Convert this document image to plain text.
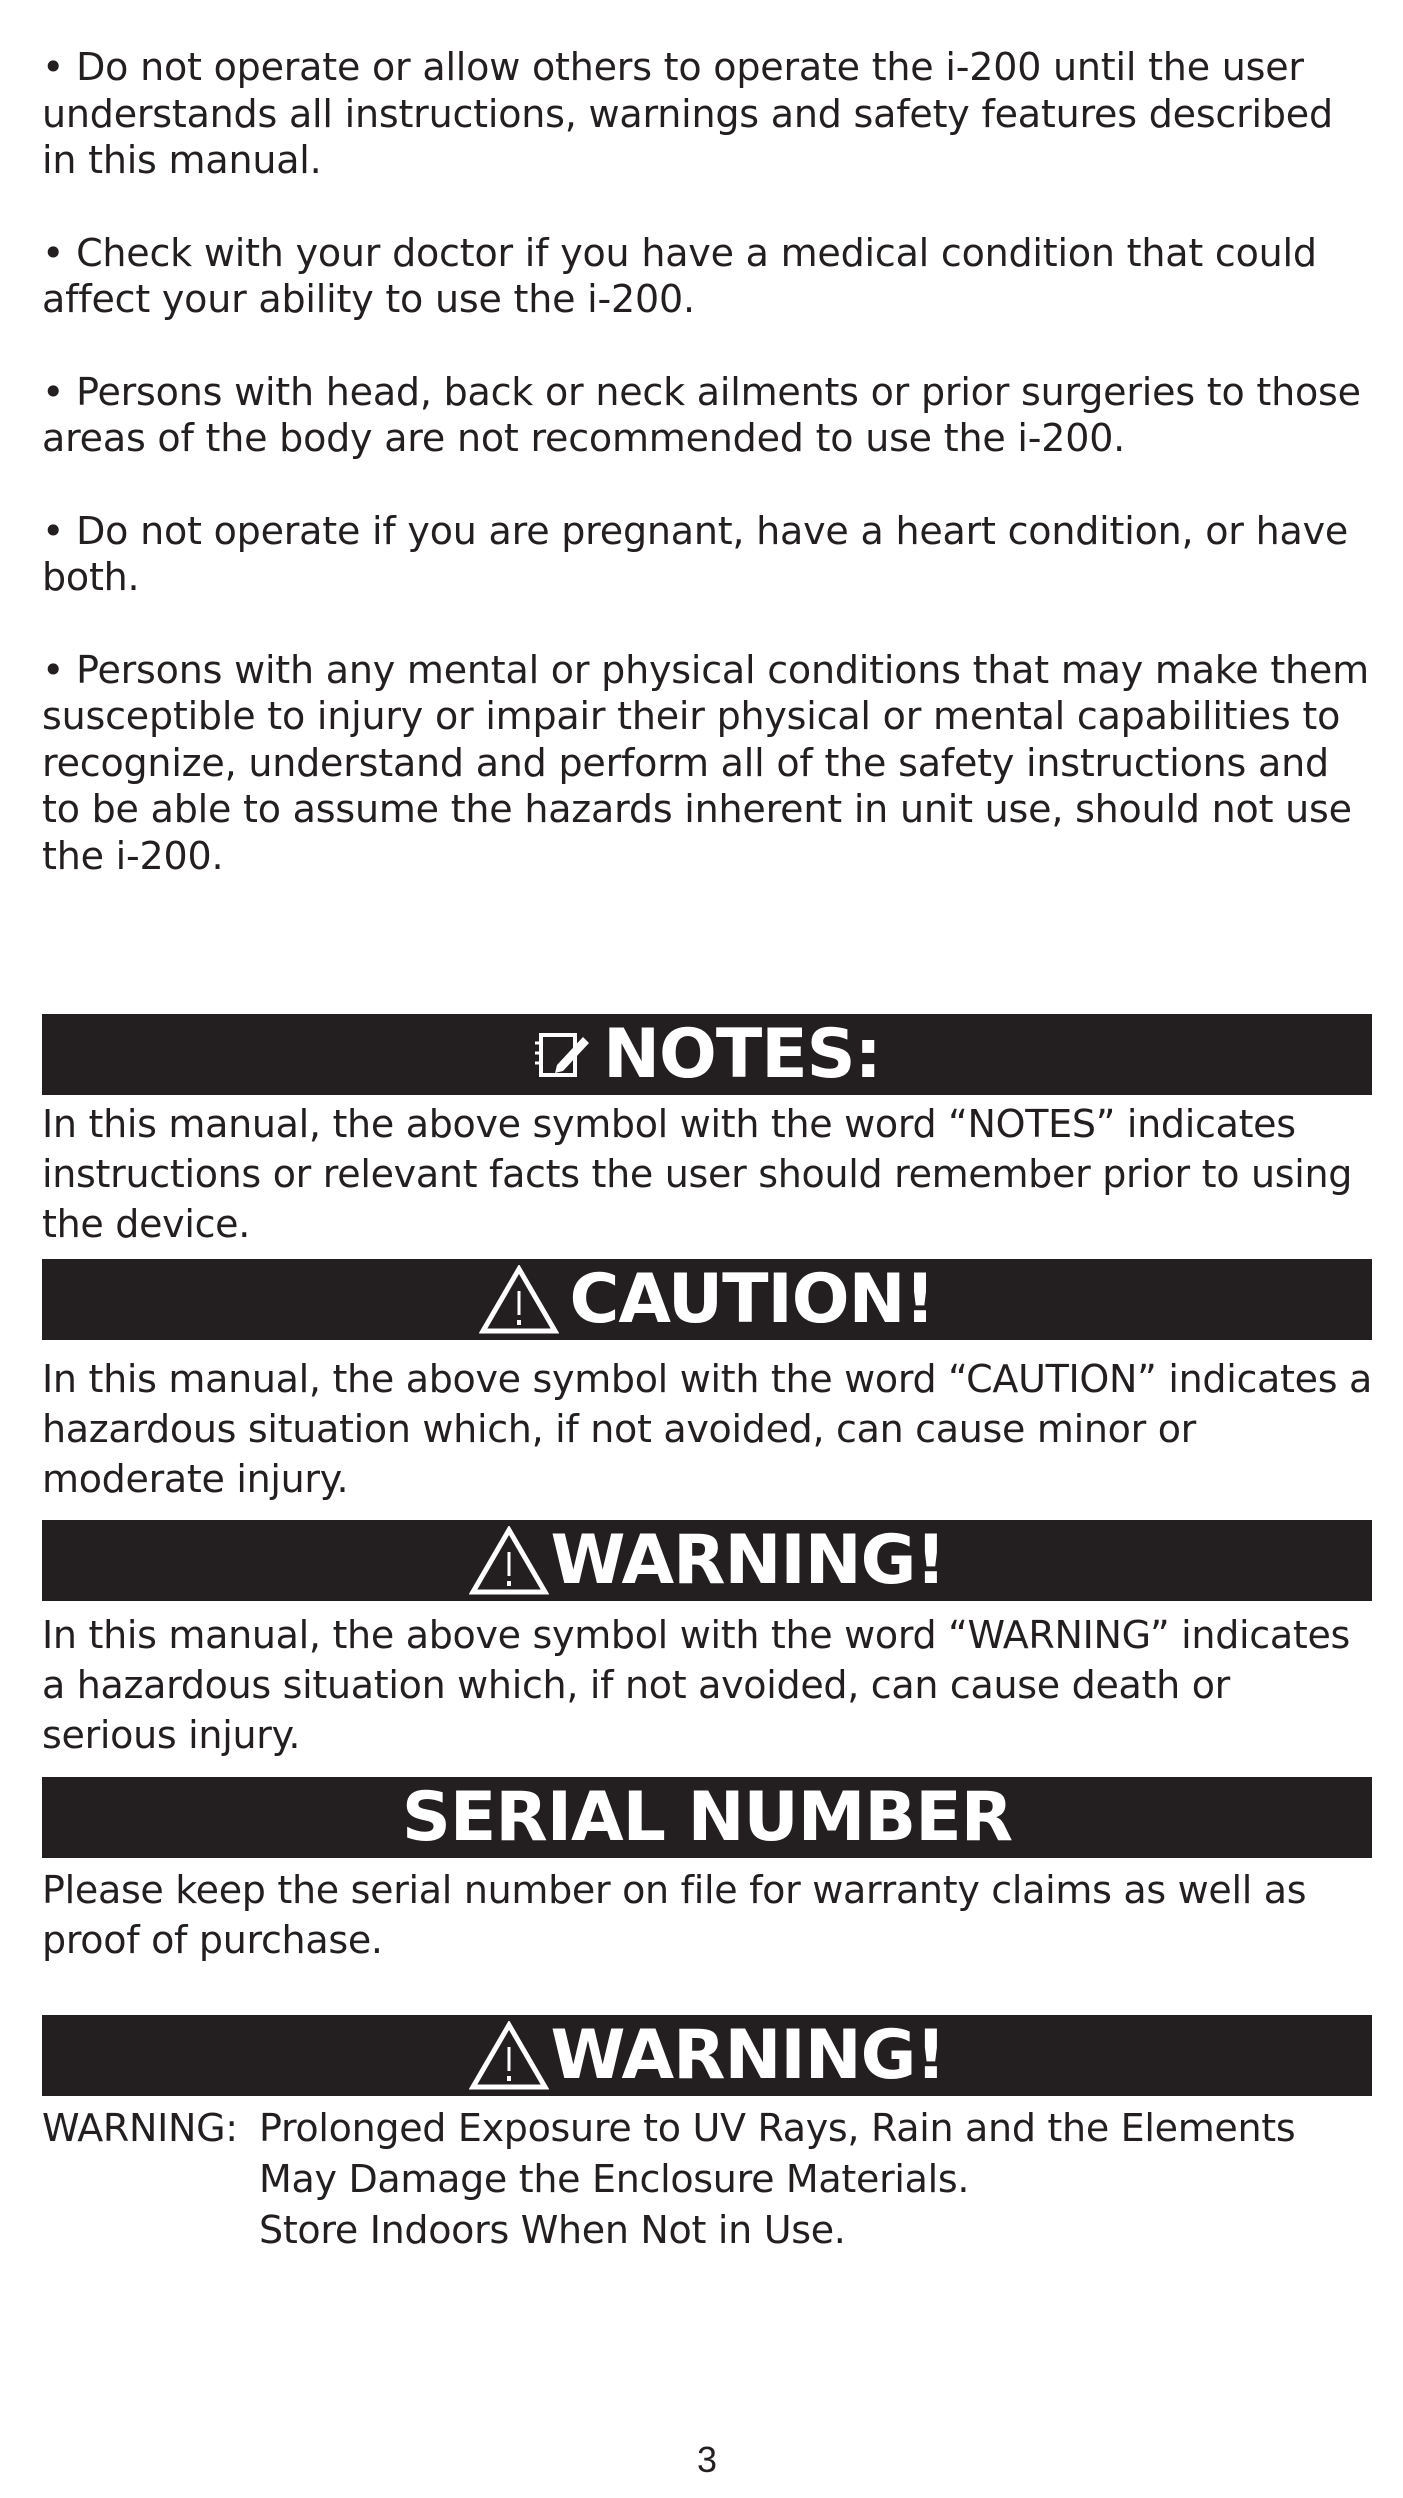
• Do not operate or allow others to operate the i-200 until the user understands all instructions, warnings and safety features described in this manual.

• Check with your doctor if you have a medical condition that could affect your ability to use the i-200.

• Persons with head, back or neck ailments or prior surgeries to those areas of the body are not recommended to use the i-200.

• Do not operate if you are pregnant, have a heart condition, or have both.

• Persons with any mental or physical conditions that may make them susceptible to injury or impair their physical or mental capabilities to recognize, understand and perform all of the safety instructions and to be able to assume the hazards inherent in unit use, should not use the i-200.

NOTES:
In this manual, the above symbol with the word “NOTES” indicates instructions or relevant facts the user should remember prior to using the device.
CAUTION!
In this manual, the above symbol with the word “CAUTION” indicates a hazardous situation which, if not avoided, can cause minor or moderate injury.
WARNING!
In this manual, the above symbol with the word “WARNING” indicates a hazardous situation which, if not avoided, can cause death or serious injury.
SERIAL NUMBER
Please keep the serial number on file for warranty claims as well as proof of purchase.
WARNING!
WARNING: Prolonged Exposure to UV Rays, Rain and the Elements
May Damage the Enclosure Materials.
Store Indoors When Not in Use.
3
